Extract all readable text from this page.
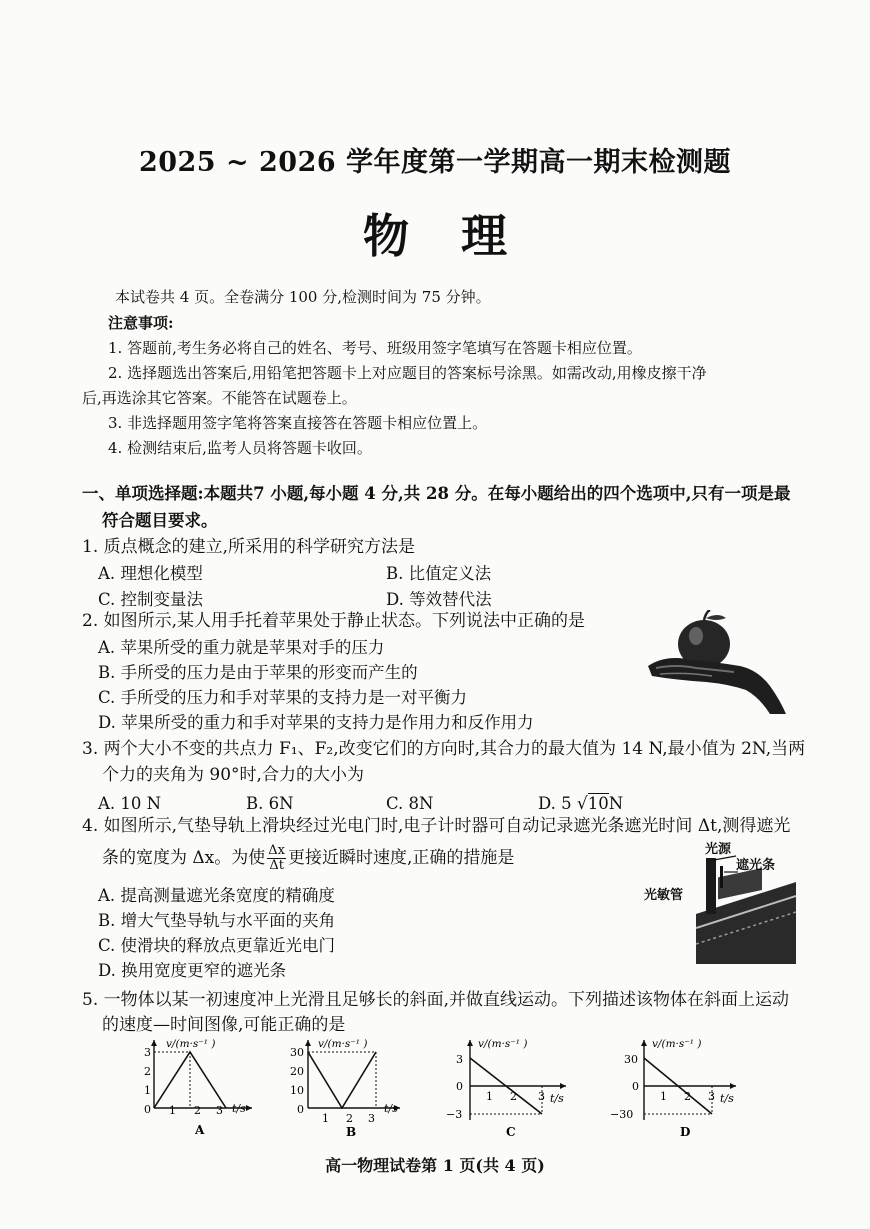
2025 ~ 2026 学年度第一学期高一期末检测题
物理
本试卷共 4 页。全卷满分 100 分,检测时间为 75 分钟。
注意事项:
1. 答题前,考生务必将自己的姓名、考号、班级用签字笔填写在答题卡相应位置。
2. 选择题选出答案后,用铅笔把答题卡上对应题目的答案标号涂黑。如需改动,用橡皮擦干净
后,再选涂其它答案。不能答在试题卷上。
3. 非选择题用签字笔将答案直接答在答题卡相应位置上。
4. 检测结束后,监考人员将答题卡收回。
一、单项选择题:本题共7 小题,每小题 4 分,共 28 分。在每小题给出的四个选项中,只有一项是最
符合题目要求。
1. 质点概念的建立,所采用的科学研究方法是
A. 理想化模型	B. 比值定义法
C. 控制变量法	D. 等效替代法
2. 如图所示,某人用手托着苹果处于静止状态。下列说法中正确的是
A. 苹果所受的重力就是苹果对手的压力
B. 手所受的压力是由于苹果的形变而产生的
C. 手所受的压力和手对苹果的支持力是一对平衡力
D. 苹果所受的重力和手对苹果的支持力是作用力和反作用力
3. 两个大小不变的共点力 F₁、F₂,改变它们的方向时,其合力的最大值为 14 N,最小值为 2N,当两
个力的夹角为 90°时,合力的大小为
A. 10 N	B. 6N	C. 8N	D. 5 √10N
4. 如图所示,气垫导轨上滑块经过光电门时,电子计时器可自动记录遮光条遮光时间 Δt,测得遮光
条的宽度为 Δx。为使 $\frac{\Delta x}{\Delta t}$ 更接近瞬时速度,正确的措施是
A. 提高测量遮光条宽度的精确度
B. 增大气垫导轨与水平面的夹角
C. 使滑块的释放点更靠近光电门
D. 换用宽度更窄的遮光条
光源
遮光条
光敏管
5. 一物体以某一初速度冲上光滑且足够长的斜面,并做直线运动。下列描述该物体在斜面上运动
的速度—时间图像,可能正确的是
v/(m·s⁻¹ )
t/s
3
2
1
0 1 2 3
A
v/(m·s⁻¹ )
t/s
30
20
10
0
1 2 3
B
v/(m·s⁻¹ )
t/s
3
0
−3
1 2 3
C
v/(m·s⁻¹ )
t/s
30
0
−30
1 2 3
D
高一物理试卷第 1 页(共 4 页)
